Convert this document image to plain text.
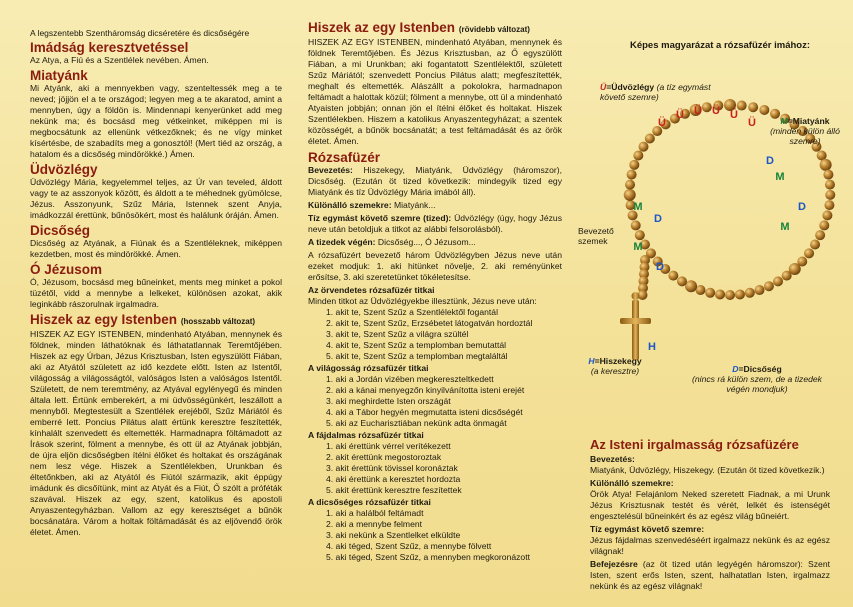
A legszentebb Szentháromság dicséretére és dicsőségére

Imádság keresztvetéssel

Az Atya, a Fiú és a Szentlélek nevében. Ámen.

Miatyánk

Mi Atyánk, aki a mennyekben vagy, szenteltessék meg a te neved; jöjjön el a te országod; legyen meg a te akaratod, amint a mennyben, úgy a földön is. Mindennapi kenyerünket add meg nekünk ma; és bocsásd meg vétkeinket, miképpen mi is megbocsátunk az ellenünk vétkezőknek; és ne vígy minket kísértésbe, de szabadíts meg a gonosztól! (Mert tiéd az ország, a hatalom és a dicsőség mindörökké.) Ámen.

Üdvözlégy

Üdvözlégy Mária, kegyelemmel teljes, az Úr van teveled, áldott vagy te az asszonyok között, és áldott a te méhednek gyümölcse, Jézus. Asszonyunk, Szűz Mária, Istennek szent Anyja, imádkozzál érettünk, bűnösökért, most és halálunk óráján. Ámen.

Dicsőség

Dicsőség az Atyának, a Fiúnak és a Szentléleknek, miképpen kezdetben, most és mindörökké. Ámen.

Ó Jézusom

Ó, Jézusom, bocsásd meg bűneinket, ments meg minket a pokol tüzétől, vidd a mennybe a lelkeket, különösen azokat, akik leginkább rászorulnak irgalmadra.

Hiszek az egy Istenben (hosszabb változat)

HISZEK AZ EGY ISTENBEN, mindenható Atyában, mennynek és földnek, minden láthatóknak és láthatatlannak Teremtőjében. Hiszek az egy Úrban, Jézus Krisztusban, Isten egyszülött Fiában, aki az Atyától született az idő kezdete előtt. Isten az Istentől, világosság a világosságtól, valóságos Isten a valóságos Istentől. Született, de nem teremtmény, az Atyával egylényegű és minden általa lett. Értünk emberekért, a mi üdvösségünkért, leszállott a mennyből. Megtestesült a Szentlélek erejéből, Szűz Máriától és emberré lett. Poncius Pilátus alatt értünk keresztre feszítették, kínhalált szenvedett és eltemették. Harmadnapra föltámadott az Írások szerint, fölment a mennybe, és ott ül az Atyának jobbján, de újra eljön dicsőségben ítélni élőket és holtakat és országának nem lesz vége. Hiszek a Szentlélekben, Urunkban és éltetőnkben, aki az Atyától és Fiútól származik, akit éppúgy imádunk és dicsőítünk, mint az Atyát és a Fiút, Ő szólt a próféták szavával. Hiszek az egy, szent, katolikus és apostoli Anyaszentegyházban. Vallom az egy keresztséget a bűnök bocsánatára. Várom a holtak föltámadását és az eljövendő örök életet. Ámen.

Hiszek az egy Istenben (rövidebb változat)

HISZEK AZ EGY ISTENBEN, mindenható Atyában, mennynek és földnek Teremtőjében. És Jézus Krisztusban, az Ő egyszülött Fiában, a mi Urunkban; aki fogantatott Szentlélektől, született Szűz Máriától; szenvedett Poncius Pilátus alatt; megfeszítették, meghalt és eltemették. Alászállt a pokolokra, harmadnapon feltámadt a halottak közül; fölment a mennybe, ott ül a mindenható Atyaisten jobbján; onnan jön el ítélni élőket és holtakat. Hiszek Szentlélekben. Hiszem a katolikus Anyaszentegyházat; a szentek közösségét, a bűnök bocsánatát; a test feltámadását és az örök életet. Ámen.

Rózsafüzér

Bevezetés: Hiszekegy, Miatyánk, Üdvözlégy (háromszor), Dicsőség. (Ezután öt tized következik: mindegyik tized egy Miatyánk és tíz Üdvözlégy Mária imából áll).

Különálló szemekre: Miatyánk...

Tíz egymást követő szemre (tized): Üdvözlégy (úgy, hogy Jézus neve után betoldjuk a titkot az alábbi felsorolásból).

A tizedek végén: Dicsőség..., Ó Jézusom...

A rózsafüzért bevezető három Üdvözlégyben Jézus neve után ezeket modjuk: 1. aki hitünket növelje, 2. aki reményünket erősítse, 3. aki szeretetünket tökéletesítse.

Az örvendetes rózsafüzér titkai
Minden titkot az Üdvözlégyekbe illesztünk, Jézus neve után:
1. akit te, Szent Szűz a Szentlélektől fogantál
2. akit te, Szent Szűz, Erzsébetet látogatván hordoztál
3. akit te, Szent Szűz a világra szültél
4. akit te, Szent Szűz a templomban bemutattál
5. akit te, Szent Szűz a templomban megtaláltál
A világosság rózsafüzér titkai
1. aki a Jordán vizében megkereszteltkedett
2. aki a kánai menyegzőn kinyilvánította isteni erejét
3. aki meghirdette Isten országát
4. aki a Tábor hegyén megmutatta isteni dicsőségét
5. aki az Eucharisztiában nekünk adta önmagát
A fájdalmas rózsafüzér titkai
1. aki érettünk vérrel verítékezett
2. akit érettünk megostoroztak
3. akit érettünk tövissel koronáztak
4. aki érettünk a keresztet hordozta
5. akit érettünk keresztre feszítettek
A dicsőséges rózsafüzér titkai
1. aki a halálból feltámadt
2. aki a mennybe felment
3. aki nekünk a Szentlelket elküldte
4. aki téged, Szent Szűz, a mennybe fölvett
5. aki téged, Szent Szűz, a mennyben megkoronázott
Képes magyarázat a rózsafüzér imához:
Ü
Ü Ü Ü Ü
Ü
M
M
M
M
D
D
D
D
H
Ü=Üdvözlégy (a tíz egymást követő szemre)
M=Miatyánk
(minden külön álló szemre)
Bevezető szemek
H=Hiszekegy
(a keresztre)	D=Dicsőség
(nincs rá külön szem, de a tizedek végén mondjuk)
Az Isteni irgalmasság rózsafüzére
Bevezetés:

Miatyánk, Üdvözlégy, Hiszekegy. (Ezután öt tized következik.)

Különálló szemekre:

Örök Atya! Felajánlom Neked szeretett Fiadnak, a mi Urunk Jézus Krisztusnak testét és vérét, lelkét és istenségét engesztelésül bűneinkért és az egész világ bűneiért.

Tíz egymást követő szemre:

Jézus fájdalmas szenvedéséért irgalmazz nekünk és az egész világnak!

Befejezésre (az öt tized után legyégén háromszor): Szent Isten, szent erős Isten, szent, halhatatlan Isten, irgalmazz nekünk és az egész világnak!
